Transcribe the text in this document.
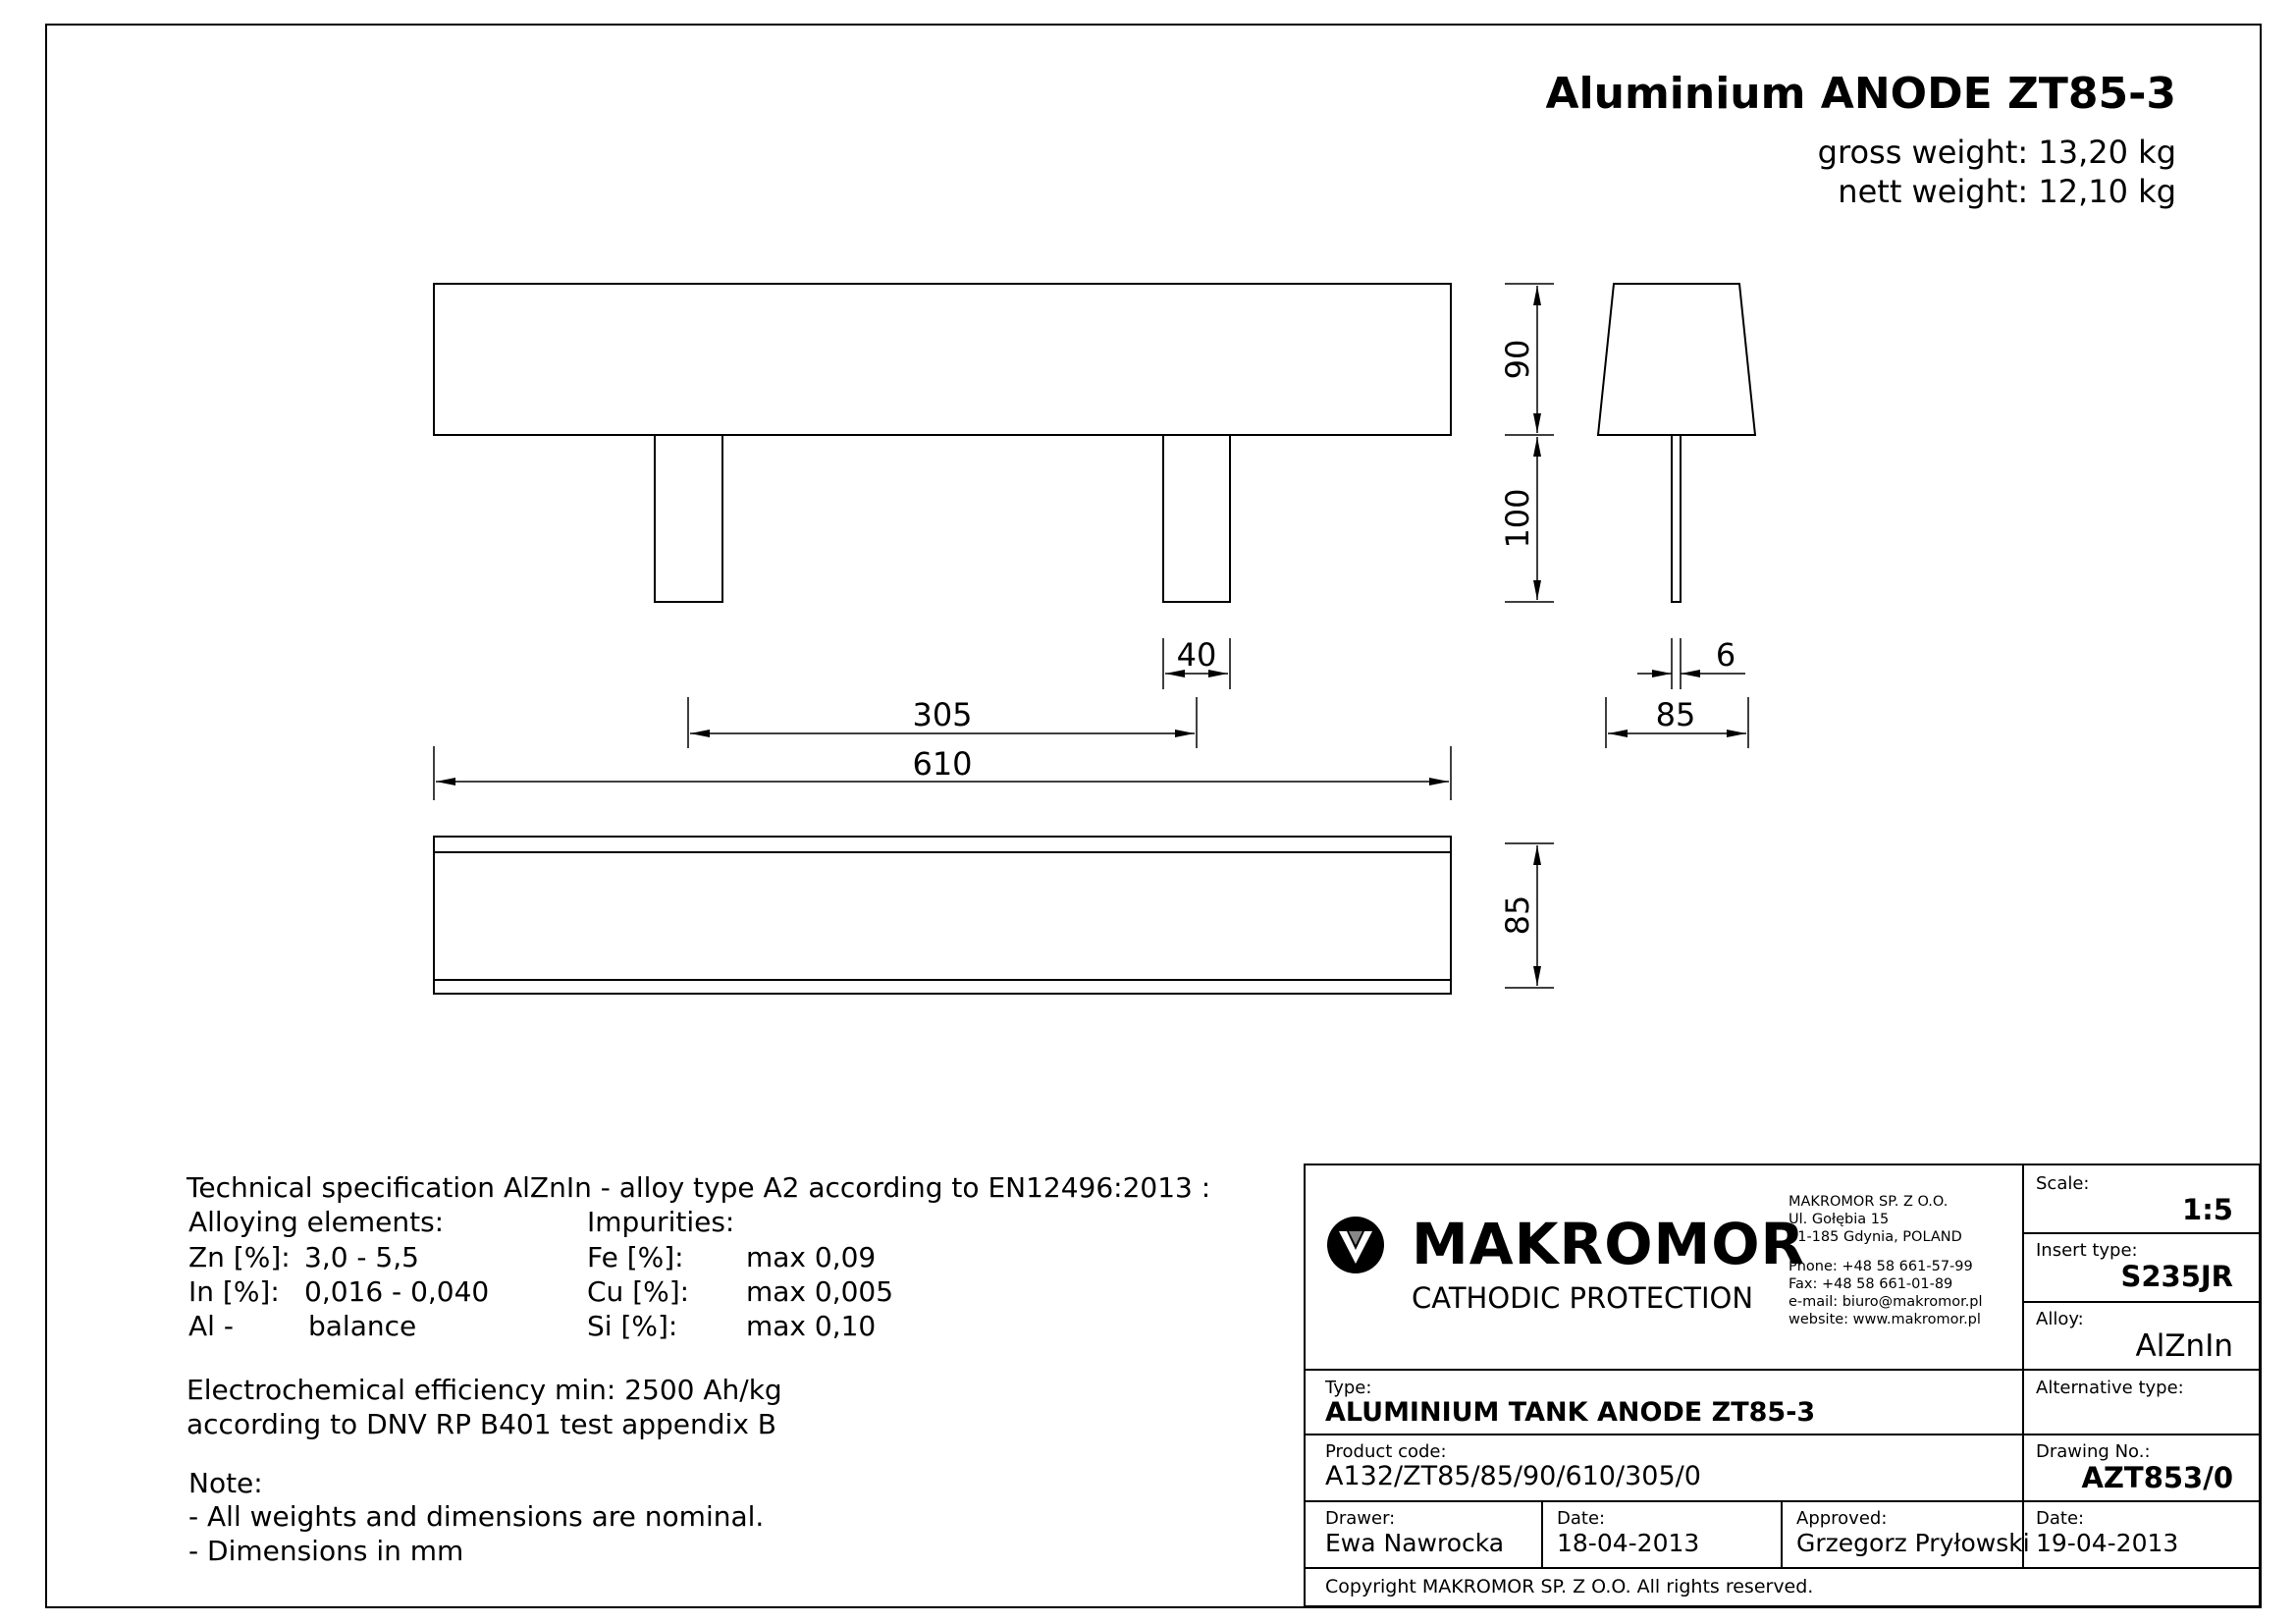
Aluminium ANODE ZT85-3
gross weight: 13,20 kg
nett weight: 12,10 kg
90
100
40
305
610
6
85
85
Technical specification AlZnIn - alloy type A2 according to EN12496:2013 :
Alloying elements:	Impurities:
Zn [%]: 3,0 - 5,5
In [%]: 0,016 - 0,040
Al -	balance
Fe [%]: max 0,09
Cu [%]: max 0,005
Si [%]: max 0,10
Electrochemical efficiency min: 2500 Ah/kg
according to DNV RP B401 test appendix B
Note:
- All weights and dimensions are nominal.
- Dimensions in mm
MAKROMOR
CATHODIC PROTECTION
MAKROMOR SP. Z O.O.
Ul. Gołębia 15
81-185 Gdynia, POLAND
Phone: +48 58 661-57-99
Fax: +48 58 661-01-89
e-mail: biuro@makromor.pl
website: www.makromor.pl
Scale:
1:5
Insert type:
S235JR
Alloy:
AlZnIn
Alternative type:
Drawing No.:
AZT853/0
Type:
ALUMINIUM TANK ANODE ZT85-3
Product code:
A132/ZT85/85/90/610/305/0
Drawer:
Ewa Nawrocka
Date:
18-04-2013
Approved:
Grzegorz Pryłowski
Date:
19-04-2013
Copyright MAKROMOR SP. Z O.O. All rights reserved.
